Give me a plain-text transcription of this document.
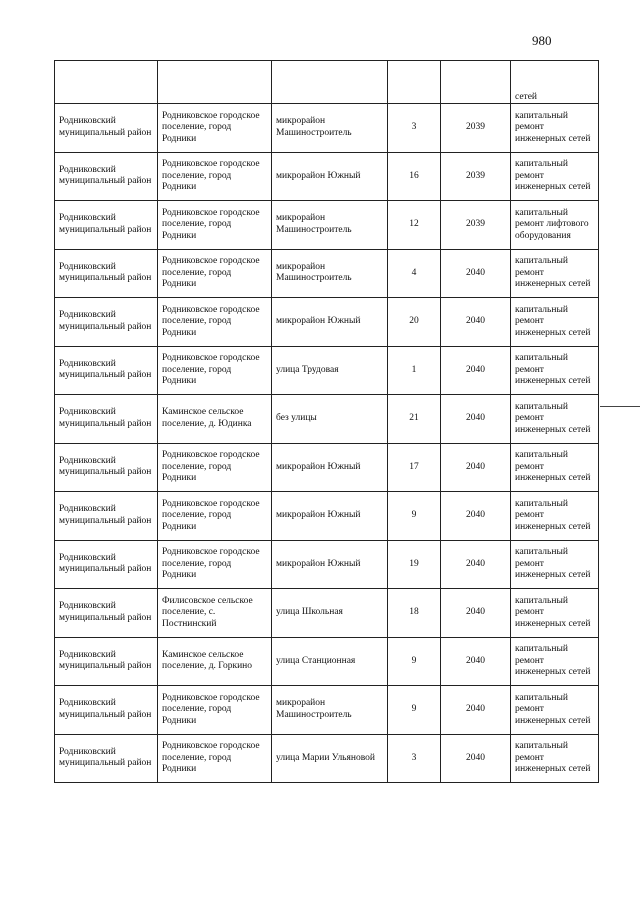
980
					сетей
Родниковский муниципальный район	Родниковское городское поселение, город Родники	микрорайон Машиностроитель	3	2039	капитальный ремонт инженерных сетей
Родниковский муниципальный район	Родниковское городское поселение, город Родники	микрорайон Южный	16	2039	капитальный ремонт инженерных сетей
Родниковский муниципальный район	Родниковское городское поселение, город Родники	микрорайон Машиностроитель	12	2039	капитальный ремонт лифтового оборудования
Родниковский муниципальный район	Родниковское городское поселение, город Родники	микрорайон Машиностроитель	4	2040	капитальный ремонт инженерных сетей
Родниковский муниципальный район	Родниковское городское поселение, город Родники	микрорайон Южный	20	2040	капитальный ремонт инженерных сетей
Родниковский муниципальный район	Родниковское городское поселение, город Родники	улица Трудовая	1	2040	капитальный ремонт инженерных сетей
Родниковский муниципальный район	Каминское сельское поселение, д. Юдинка	без улицы	21	2040	капитальный ремонт инженерных сетей
Родниковский муниципальный район	Родниковское городское поселение, город Родники	микрорайон Южный	17	2040	капитальный ремонт инженерных сетей
Родниковский муниципальный район	Родниковское городское поселение, город Родники	микрорайон Южный	9	2040	капитальный ремонт инженерных сетей
Родниковский муниципальный район	Родниковское городское поселение, город Родники	микрорайон Южный	19	2040	капитальный ремонт инженерных сетей
Родниковский муниципальный район	Филисовское сельское поселение, с. Постнинский	улица Школьная	18	2040	капитальный ремонт инженерных сетей
Родниковский муниципальный район	Каминское сельское поселение, д. Горкино	улица Станционная	9	2040	капитальный ремонт инженерных сетей
Родниковский муниципальный район	Родниковское городское поселение, город Родники	микрорайон Машиностроитель	9	2040	капитальный ремонт инженерных сетей
Родниковский муниципальный район	Родниковское городское поселение, город Родники	улица Марии Ульяновой	3	2040	капитальный ремонт инженерных сетей
